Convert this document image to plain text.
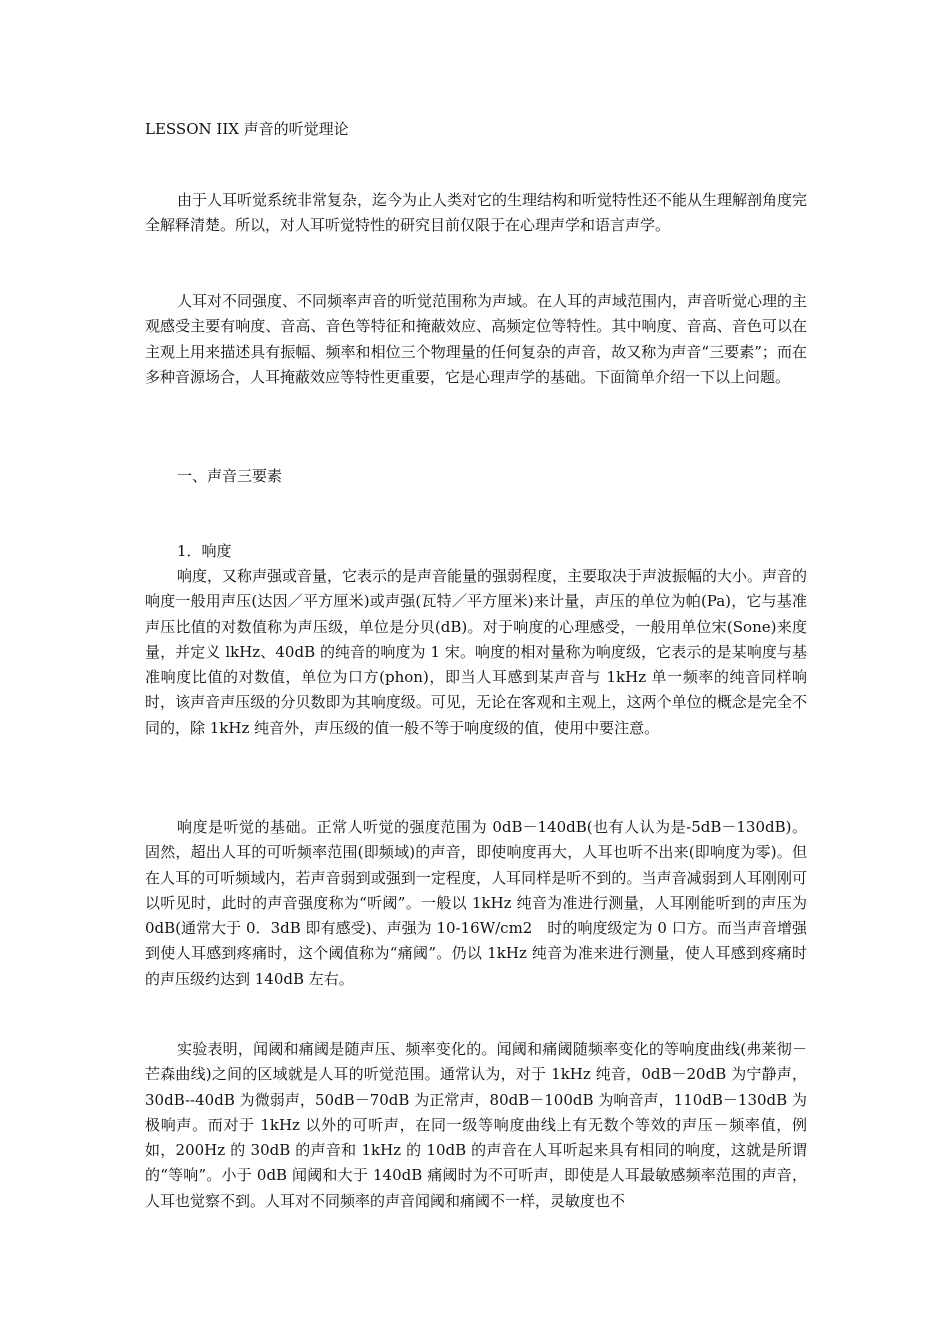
LESSON IIX 声音的听觉理论
由于人耳听觉系统非常复杂，迄今为止人类对它的生理结构和听觉特性还不能从生理解剖角度完全解释清楚。所以，对人耳听觉特性的研究目前仅限于在心理声学和语言声学。
人耳对不同强度、不同频率声音的听觉范围称为声域。在人耳的声域范围内，声音听觉心理的主观感受主要有响度、音高、音色等特征和掩蔽效应、高频定位等特性。其中响度、音高、音色可以在主观上用来描述具有振幅、频率和相位三个物理量的任何复杂的声音，故又称为声音“三要素”；而在多种音源场合，人耳掩蔽效应等特性更重要，它是心理声学的基础。下面简单介绍一下以上问题。
一、声音三要素
1．响度
响度，又称声强或音量，它表示的是声音能量的强弱程度，主要取决于声波振幅的大小。声音的响度一般用声压(达因／平方厘米)或声强(瓦特／平方厘米)来计量，声压的单位为帕(Pa)，它与基准声压比值的对数值称为声压级，单位是分贝(dB)。对于响度的心理感受，一般用单位宋(Sone)来度量，并定义 lkHz、40dB 的纯音的响度为 1 宋。响度的相对量称为响度级，它表示的是某响度与基准响度比值的对数值，单位为口方(phon)，即当人耳感到某声音与 1kHz 单一频率的纯音同样响时，该声音声压级的分贝数即为其响度级。可见，无论在客观和主观上，这两个单位的概念是完全不同的，除 1kHz 纯音外，声压级的值一般不等于响度级的值，使用中要注意。
响度是听觉的基础。正常人听觉的强度范围为 0dB－140dB(也有人认为是-5dB－130dB)。固然，超出人耳的可听频率范围(即频域)的声音，即使响度再大，人耳也听不出来(即响度为零)。但在人耳的可听频域内，若声音弱到或强到一定程度，人耳同样是听不到的。当声音减弱到人耳刚刚可以听见时，此时的声音强度称为“听阈”。一般以 1kHz 纯音为准进行测量，人耳刚能听到的声压为 0dB(通常大于 0．3dB 即有感受)、声强为 10-16W/cm2　时的响度级定为 0 口方。而当声音增强到使人耳感到疼痛时，这个阈值称为“痛阈”。仍以 1kHz 纯音为准来进行测量，使人耳感到疼痛时的声压级约达到 140dB 左右。
实验表明，闻阈和痛阈是随声压、频率变化的。闻阈和痛阈随频率变化的等响度曲线(弗莱彻－芒森曲线)之间的区域就是人耳的听觉范围。通常认为，对于 1kHz 纯音，0dB－20dB 为宁静声，30dB--40dB 为微弱声，50dB－70dB 为正常声，80dB－100dB 为响音声，110dB－130dB 为极响声。而对于 1kHz 以外的可听声，在同一级等响度曲线上有无数个等效的声压－频率值，例如，200Hz 的 30dB 的声音和 1kHz 的 10dB 的声音在人耳听起来具有相同的响度，这就是所谓的“等响”。小于 0dB 闻阈和大于 140dB 痛阈时为不可听声，即使是人耳最敏感频率范围的声音，人耳也觉察不到。人耳对不同频率的声音闻阈和痛阈不一样，灵敏度也不
